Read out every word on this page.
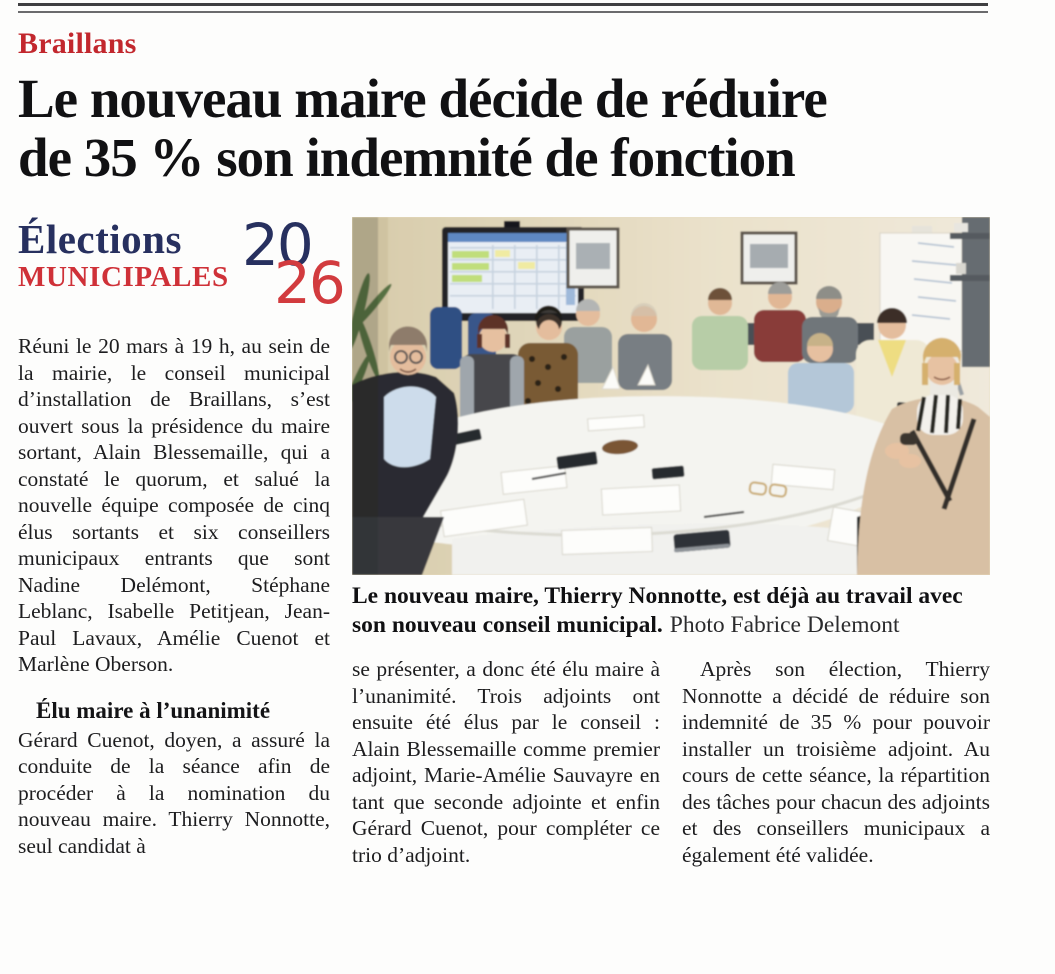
Braillans
Le nouveau maire décide de réduire
de 35 % son indemnité de fonction
Élections
MUNICIPALES 20
26

Réuni le 20 mars à 19 h, au sein de la mairie, le conseil municipal d’installation de Braillans, s’est ouvert sous la présidence du maire sortant, Alain Blessemaille, qui a constaté le quorum, et salué la nouvelle équipe composée de cinq élus sortants et six conseillers municipaux entrants que sont Nadine Delémont, Stéphane Leblanc, Isabelle Petitjean, Jean-Paul Lavaux, Amélie Cuenot et Marlène Oberson.

Élu maire à l’unanimité

Gérard Cuenot, doyen, a assuré la conduite de la séance afin de procéder à la nomination du nouveau maire. Thierry Nonnotte, seul candidat à

Le nouveau maire, Thierry Nonnotte, est déjà au travail avec son nouveau conseil municipal. Photo Fabrice Delemont

se présenter, a donc été élu maire à l’unanimité. Trois adjoints ont ensuite été élus par le conseil : Alain Blessemaille comme premier adjoint, Marie-Amélie Sauvayre en tant que seconde adjointe et enfin Gérard Cuenot, pour compléter ce trio d’adjoint.

Après son élection, Thierry Nonnotte a décidé de réduire son indemnité de 35 % pour pouvoir installer un troisième adjoint. Au cours de cette séance, la répartition des tâches pour chacun des adjoints et des conseillers municipaux a également été validée.
